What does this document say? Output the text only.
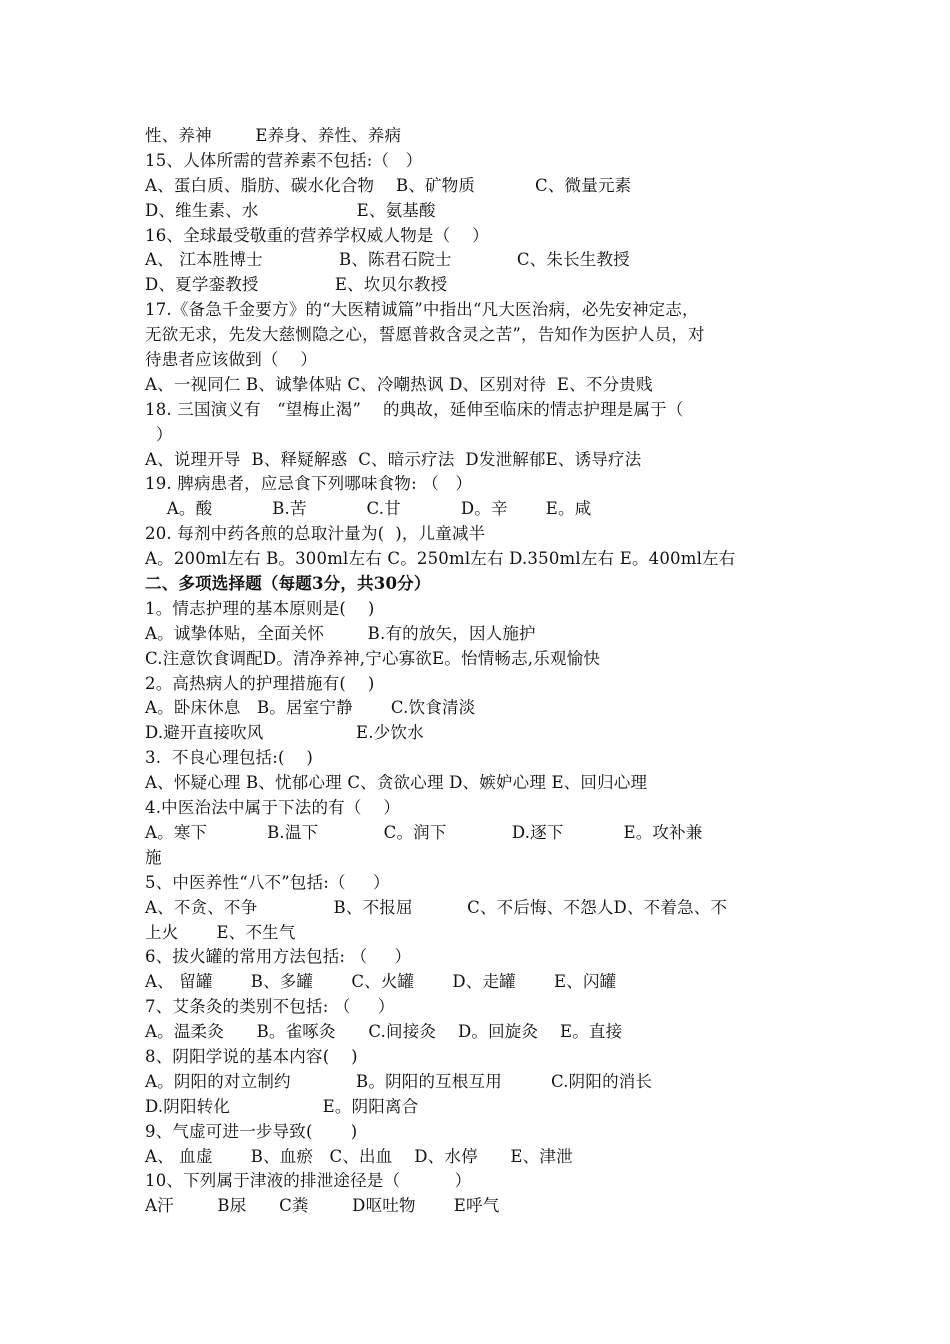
性、养神        E养身、养性、养病
15、人体所需的营养素不包括:（   ）
A、蛋白质、脂肪、碳水化合物    B、矿物质           C、微量元素
D、维生素、水                  E、氨基酸
16、全球最受敬重的营养学权威人物是（    ）
A、 江本胜博士              B、陈君石院士            C、朱长生教授
D、夏学銮教授              E、坎贝尔教授
17.《备急千金要方》的“大医精诚篇”中指出“凡大医治病，必先安神定志，
无欲无求，先发大慈恻隐之心，誓愿普救含灵之苦”，告知作为医护人员，对
待患者应该做到（    ）
A、一视同仁 B、诚挚体贴 C、冷嘲热讽 D、区别对待  E、不分贵贱
18. 三国演义有   “望梅止渴”    的典故，延伸至临床的情志护理是属于（
）
A、说理开导  B、释疑解惑  C、暗示疗法  D发泄解郁E、诱导疗法
19. 脾病患者，应忌食下列哪味食物: （   ）
A。酸           B.苦           C.甘           D。辛       E。咸
20. 每剂中药各煎的总取汁量为(  )，儿童减半
A。200ml左右 B。300ml左右 C。250ml左右 D.350ml左右 E。400ml左右
二、多项选择题（每题3分，共30分）
1。情志护理的基本原则是(    )
A。诚挚体贴，全面关怀        B.有的放矢，因人施护
C.注意饮食调配D。清净养神,宁心寡欲E。怡情畅志,乐观愉快
2。高热病人的护理措施有(    )
A。卧床休息   B。居室宁静       C.饮食清淡
D.避开直接吹风                 E.少饮水
3.  不良心理包括:(    )
A、怀疑心理 B、忧郁心理 C、贪欲心理 D、嫉妒心理 E、回归心理
4.中医治法中属于下法的有（    ）
A。寒下           B.温下            C。润下            D.逐下           E。攻补兼
施
5、中医养性“八不”包括:（     ）
A、不贪、不争              B、不报屈          C、不后悔、不怨人D、不着急、不
上火       E、不生气
6、拔火罐的常用方法包括: （     ）
A、 留罐       B、多罐       C、火罐       D、走罐       E、闪罐
7、艾条灸的类别不包括: （     ）
A。温柔灸      B。雀啄灸      C.间接灸    D。回旋灸    E。直接
8、阴阳学说的基本内容(    )
A。阴阳的对立制约            B。阴阳的互根互用         C.阴阳的消长
D.阴阳转化                 E。阴阳离合
9、气虚可进一步导致(       )
A、 血虚       B、血瘀   C、出血    D、水停      E、津泄
10、下列属于津液的排泄途径是（          ）
A汗        B尿      C粪        D呕吐物       E呼气
